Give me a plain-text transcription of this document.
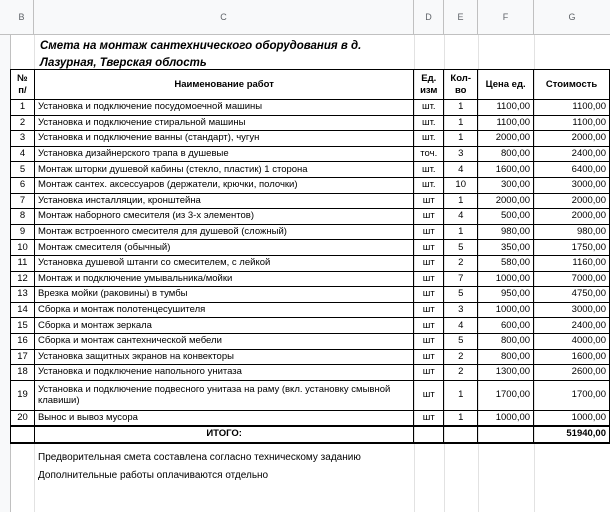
B	C	D	E	F	G
Смета на монтаж сантехнического оборудования в д.
Лазурная, Тверская облость
№ п/	Наименование работ	Ед. изм	Кол-во	Цена ед.	Стоимость
1	Установка и подключение посудомоечной машины	шт.	1	1100,00	1100,00
2	Установка и подключение стиральной машины	шт.	1	1100,00	1100,00
3	Установка и подключение ванны (стандарт), чугун	шт.	1	2000,00	2000,00
4	Установка дизайнерского трапа в душевые	точ.	3	800,00	2400,00
5	Монтаж шторки душевой кабины (стекло, пластик) 1 сторона	шт.	4	1600,00	6400,00
6	Монтаж сантех. аксессуаров (держатели, крючки, полочки)	шт.	10	300,00	3000,00
7	Установка инсталляции, кронштейна	шт	1	2000,00	2000,00
8	Монтаж наборного смесителя (из 3-х элементов)	шт	4	500,00	2000,00
9	Монтаж встроенного смесителя для душевой (сложный)	шт	1	980,00	980,00
10	Монтаж смесителя (обычный)	шт	5	350,00	1750,00
11	Установка душевой штанги со смесителем, с лейкой	шт	2	580,00	1160,00
12	Монтаж и подключение умывальника/мойки	шт	7	1000,00	7000,00
13	Врезка мойки (раковины) в тумбы	шт	5	950,00	4750,00
14	Сборка и монтаж полотенцесушителя	шт	3	1000,00	3000,00
15	Сборка и монтаж зеркала	шт	4	600,00	2400,00
16	Сборка и монтаж сантехнической мебели	шт	5	800,00	4000,00
17	Установка защитных экранов на конвекторы	шт	2	800,00	1600,00
18	Установка и подключение напольного унитаза	шт	2	1300,00	2600,00
19	Установка и подключение подвесного унитаза на раму (вкл. установку смывной клавиши)	шт	1	1700,00	1700,00
20	Вынос и вывоз мусора	шт	1	1000,00	1000,00
	ИТОГО:				51940,00
Предворительная смета составлена согласно техническому заданию
Дополнительные работы оплачиваются отдельно
